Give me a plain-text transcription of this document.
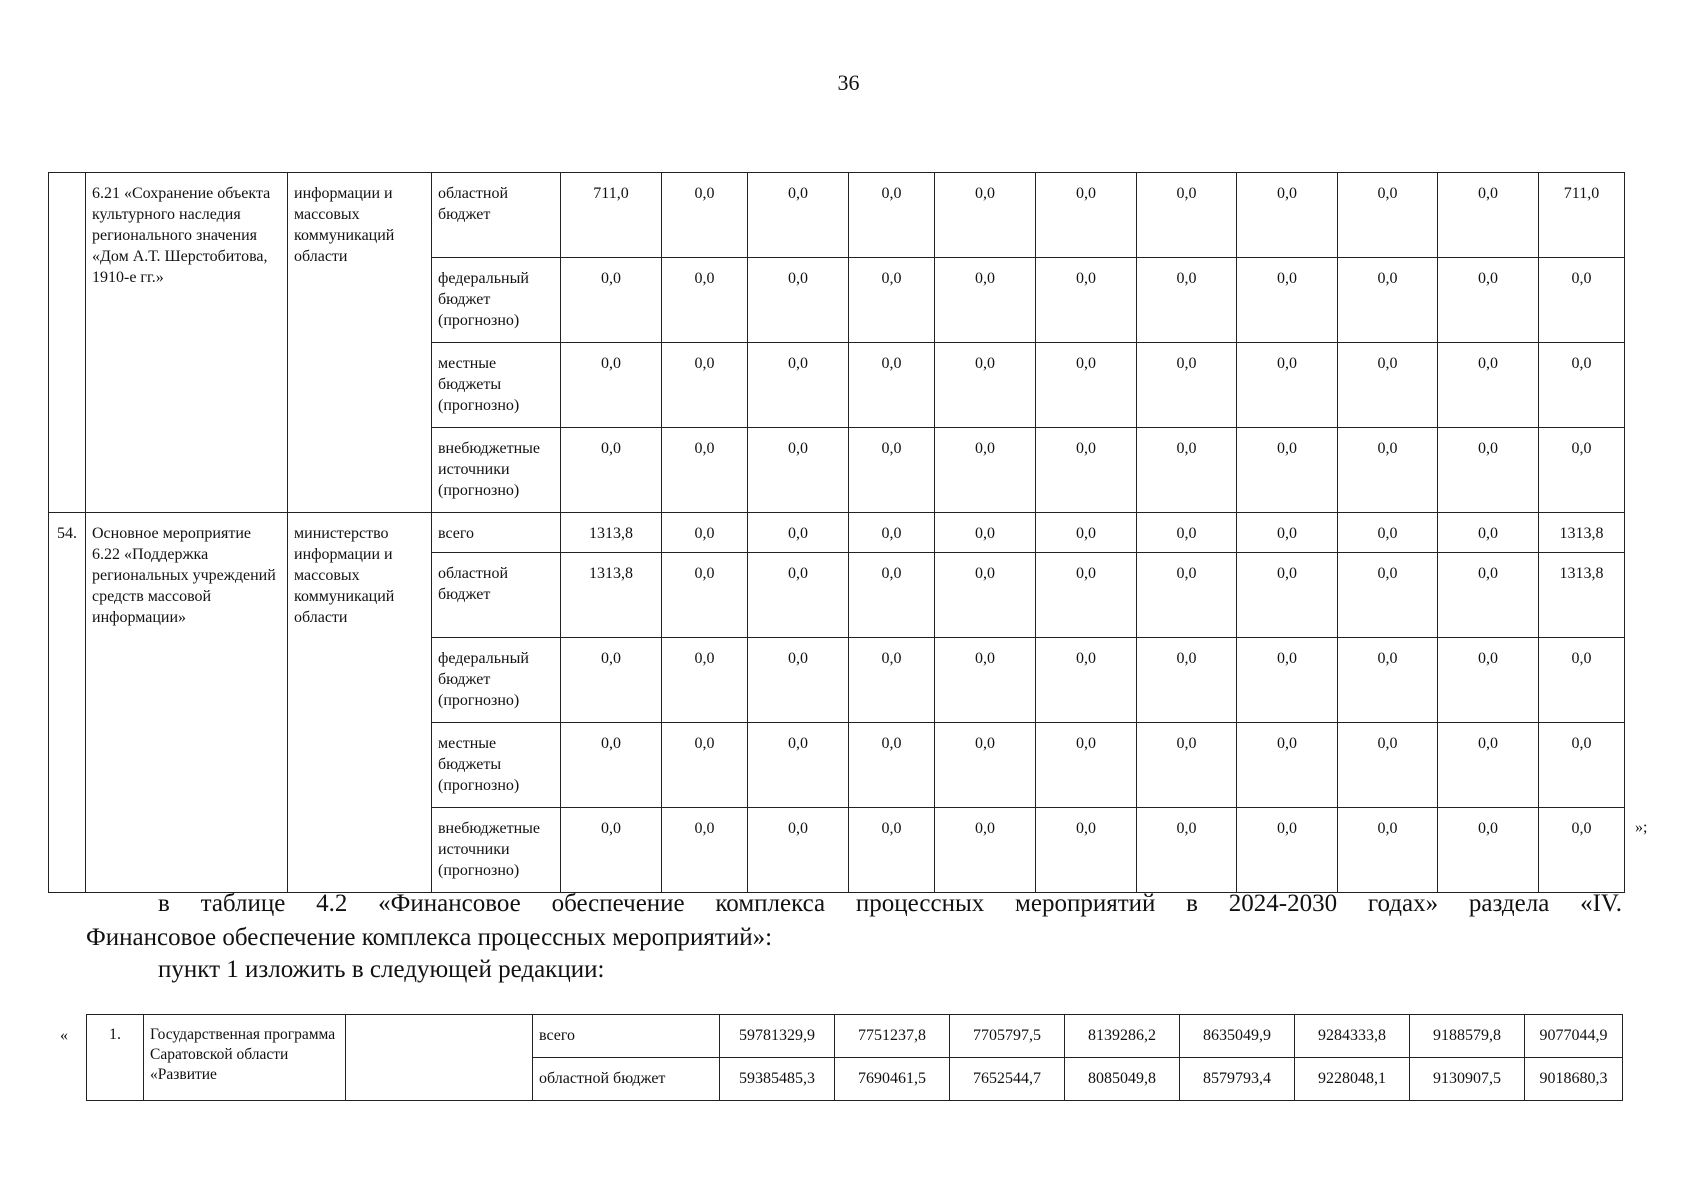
36
	6.21 «Сохранение объекта культурного наследия регионального значения «Дом А.Т. Шерстобитова, 1910-е гг.»	информации и массовых коммуникаций области	областной бюджет	711,0	0,0	0,0	0,0	0,0	0,0	0,0	0,0	0,0	0,0	711,0
			федеральный бюджет (прогнозно)	0,0	0,0	0,0	0,0	0,0	0,0	0,0	0,0	0,0	0,0	0,0
			местные бюджеты (прогнозно)	0,0	0,0	0,0	0,0	0,0	0,0	0,0	0,0	0,0	0,0	0,0
			внебюджетные источники (прогнозно)	0,0	0,0	0,0	0,0	0,0	0,0	0,0	0,0	0,0	0,0	0,0
54.	Основное мероприятие 6.22 «Поддержка региональных учреждений средств массовой информации»	министерство информации и массовых коммуникаций области	всего	1313,8	0,0	0,0	0,0	0,0	0,0	0,0	0,0	0,0	0,0	1313,8
			областной бюджет	1313,8	0,0	0,0	0,0	0,0	0,0	0,0	0,0	0,0	0,0	1313,8
			федеральный бюджет (прогнозно)	0,0	0,0	0,0	0,0	0,0	0,0	0,0	0,0	0,0	0,0	0,0
			местные бюджеты (прогнозно)	0,0	0,0	0,0	0,0	0,0	0,0	0,0	0,0	0,0	0,0	0,0
			внебюджетные источники (прогнозно)	0,0	0,0	0,0	0,0	0,0	0,0	0,0	0,0	0,0	0,0	0,0	»;
в таблице 4.2 «Финансовое обеспечение комплекса процессных мероприятий в 2024-2030 годах» раздела «IV.
Финансовое обеспечение комплекса процессных мероприятий»:
пункт 1 изложить в следующей редакции:
«	1.	Государственная программа Саратовской области «Развитие		всего	59781329,9	7751237,8	7705797,5	8139286,2	8635049,9	9284333,8	9188579,8	9077044,9
			областной бюджет	59385485,3	7690461,5	7652544,7	8085049,8	8579793,4	9228048,1	9130907,5	9018680,3
